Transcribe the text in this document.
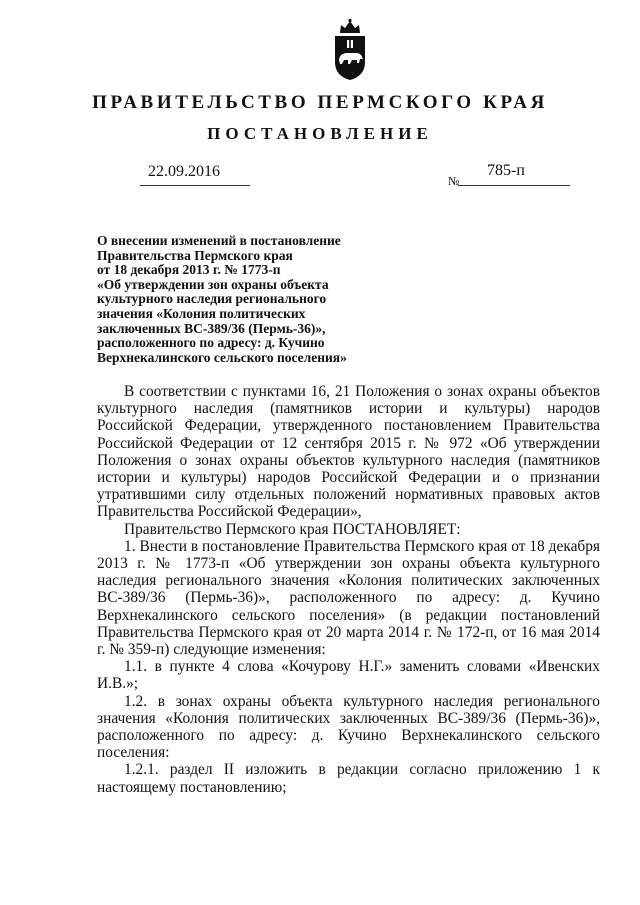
ПРАВИТЕЛЬСТВО ПЕРМСКОГО КРАЯ
ПОСТАНОВЛЕНИЕ
22.09.2016
№
785-п
О внесении изменений в постановление
Правительства Пермского края
от 18 декабря 2013 г. № 1773-п
«Об утверждении зон охраны объекта
культурного наследия регионального
значения «Колония политических
заключенных ВС-389/36 (Пермь-36)»,
расположенного по адресу: д. Кучино
Верхнекалинского сельского поселения»

В соответствии с пунктами 16, 21 Положения о зонах охраны объектов культурного наследия (памятников истории и культуры) народов Российской Федерации, утвержденного постановлением Правительства Российской Федерации от 12 сентября 2015 г. № 972 «Об утверждении Положения о зонах охраны объектов культурного наследия (памятников истории и культуры) народов Российской Федерации и о признании утратившими силу отдельных положений нормативных правовых актов Правительства Российской Федерации»,

Правительство Пермского края ПОСТАНОВЛЯЕТ:

1. Внести в постановление Правительства Пермского края от 18 декабря 2013 г. № 1773-п «Об утверждении зон охраны объекта культурного наследия регионального значения «Колония политических заключенных ВС-389/36 (Пермь-36)», расположенного по адресу: д. Кучино Верхнекалинского сельского поселения» (в редакции постановлений Правительства Пермского края от 20 марта 2014 г. № 172-п, от 16 мая 2014 г. № 359-п) следующие изменения:

1.1. в пункте 4 слова «Кочурову Н.Г.» заменить словами «Ивенских И.В.»;

1.2. в зонах охраны объекта культурного наследия регионального значения «Колония политических заключенных ВС-389/36 (Пермь-36)», расположенного по адресу: д. Кучино Верхнекалинского сельского поселения:

1.2.1. раздел II изложить в редакции согласно приложению 1 к настоящему постановлению;
